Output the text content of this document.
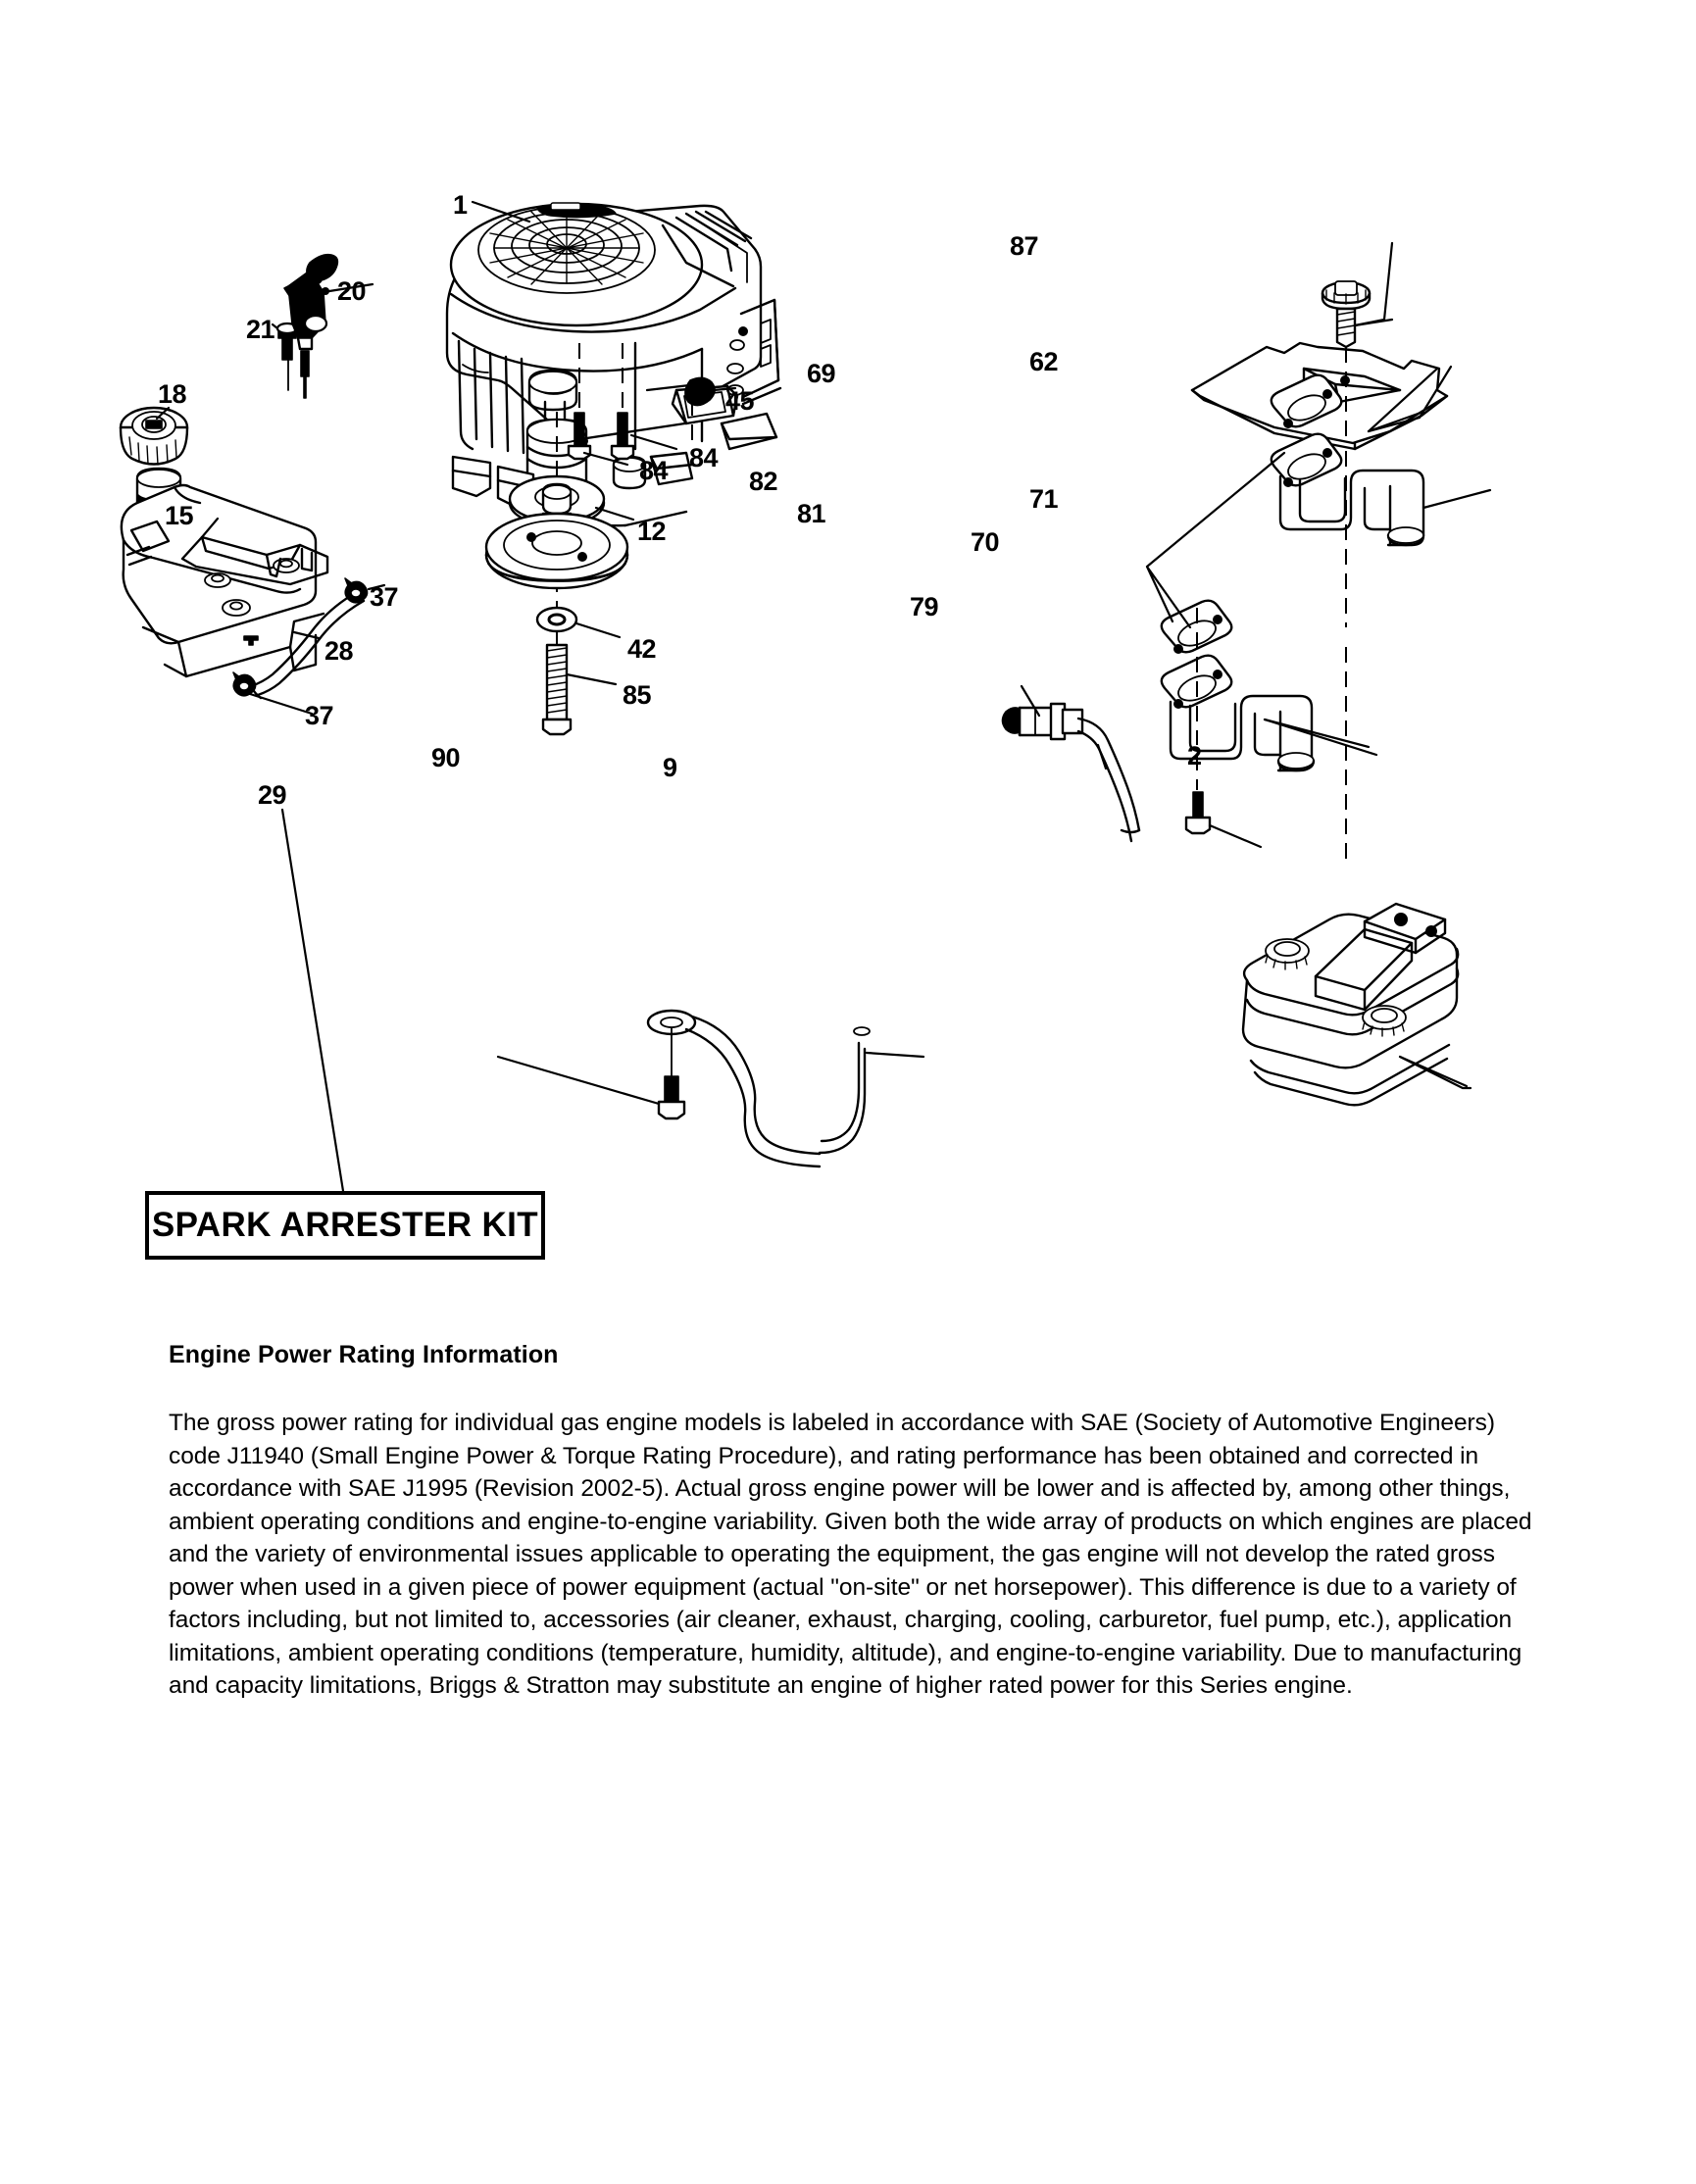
21
20
1
87
62
18
69
45
84
84	82
81	71
15
12	70
37	79
42
28
85
37
2
90	9
29
SPARK ARRESTER KIT
Engine Power Rating Information

The gross power rating for individual gas engine models is labeled in accordance with SAE (Society of Automotive Engineers) code J11940 (Small Engine Power & Torque Rating Procedure), and rating performance has been obtained and corrected in accordance with SAE J1995 (Revision 2002-5). Actual gross engine power will be lower and is affected by, among other things, ambient operating conditions and engine-to-engine variability. Given both the wide array of products on which engines are placed and the variety of environmental issues applicable to operating the equipment, the gas engine will not develop the rated gross power when used in a given piece of power equipment (actual "on-site" or net horsepower). This difference is due to a variety of factors including, but not limited to, accessories (air cleaner, exhaust, charging, cooling, carburetor, fuel pump, etc.), application limitations, ambient operating conditions (temperature, humidity, altitude), and engine-to-engine variability. Due to manufacturing and capacity limitations, Briggs & Stratton may substitute an engine of higher rated power for this Series engine.
